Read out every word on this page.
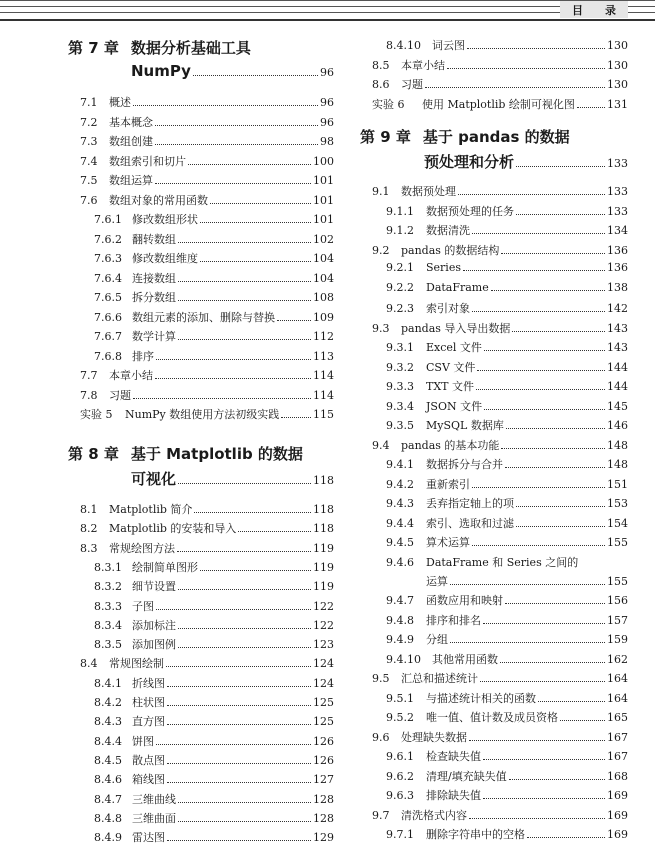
目　　录
第 7 章 数据分析基础工具
NumPy	96
7.1	概述	96
7.2	基本概念	96
7.3	数组创建	98
7.4	数组索引和切片	100
7.5	数组运算	101
7.6	数组对象的常用函数	101
7.6.1 修改数组形状	101
7.6.2 翻转数组	102
7.6.3 修改数组维度	104
7.6.4 连接数组	104
7.6.5 拆分数组	108
7.6.6 数组元素的添加、删除与替换	109
7.6.7 数学计算	112
7.6.8 排序	113
7.7	本章小结	114
7.8	习题	114
实验 5	NumPy 数组使用方法初级实践	115
第 8 章 基于 Matplotlib 的数据
可视化	118
8.1	Matplotlib 简介	118
8.2	Matplotlib 的安装和导入	118
8.3	常规绘图方法	119
8.3.1 绘制简单图形	119
8.3.2 细节设置	119
8.3.3 子图	122
8.3.4 添加标注	122
8.3.5 添加图例	123
8.4	常规图绘制	124
8.4.1 折线图	124
8.4.2 柱状图	125
8.4.3 直方图	125
8.4.4 饼图	126
8.4.5 散点图	126
8.4.6 箱线图	127
8.4.7 三维曲线	128
8.4.8 三维曲面	128
8.4.9 雷达图	129
8.4.10	词云图	130
8.5	本章小结	130
8.6	习题	130
实验 6	使用 Matplotlib 绘制可视化图	131
第 9 章 基于 pandas 的数据
预处理和分析	133
9.1	数据预处理	133
9.1.1	数据预处理的任务	133
9.1.2	数据清洗	134
9.2	pandas 的数据结构	136
9.2.1	Series	136
9.2.2	DataFrame	138
9.2.3	索引对象	142
9.3	pandas 导入导出数据	143
9.3.1	Excel 文件	143
9.3.2	CSV 文件	144
9.3.3	TXT 文件	144
9.3.4	JSON 文件	145
9.3.5	MySQL 数据库	146
9.4	pandas 的基本功能	148
9.4.1	数据拆分与合并	148
9.4.2	重新索引	151
9.4.3	丢弃指定轴上的项	153
9.4.4	索引、选取和过滤	154
9.4.5	算术运算	155
9.4.6	DataFrame 和 Series 之间的
运算	155
9.4.7	函数应用和映射	156
9.4.8	排序和排名	157
9.4.9	分组	159
9.4.10	其他常用函数	162
9.5	汇总和描述统计	164
9.5.1	与描述统计相关的函数	164
9.5.2	唯一值、值计数及成员资格	165
9.6	处理缺失数据	167
9.6.1	检查缺失值	167
9.6.2	清理/填充缺失值	168
9.6.3	排除缺失值	169
9.7	清洗格式内容	169
9.7.1	删除字符串中的空格	169
